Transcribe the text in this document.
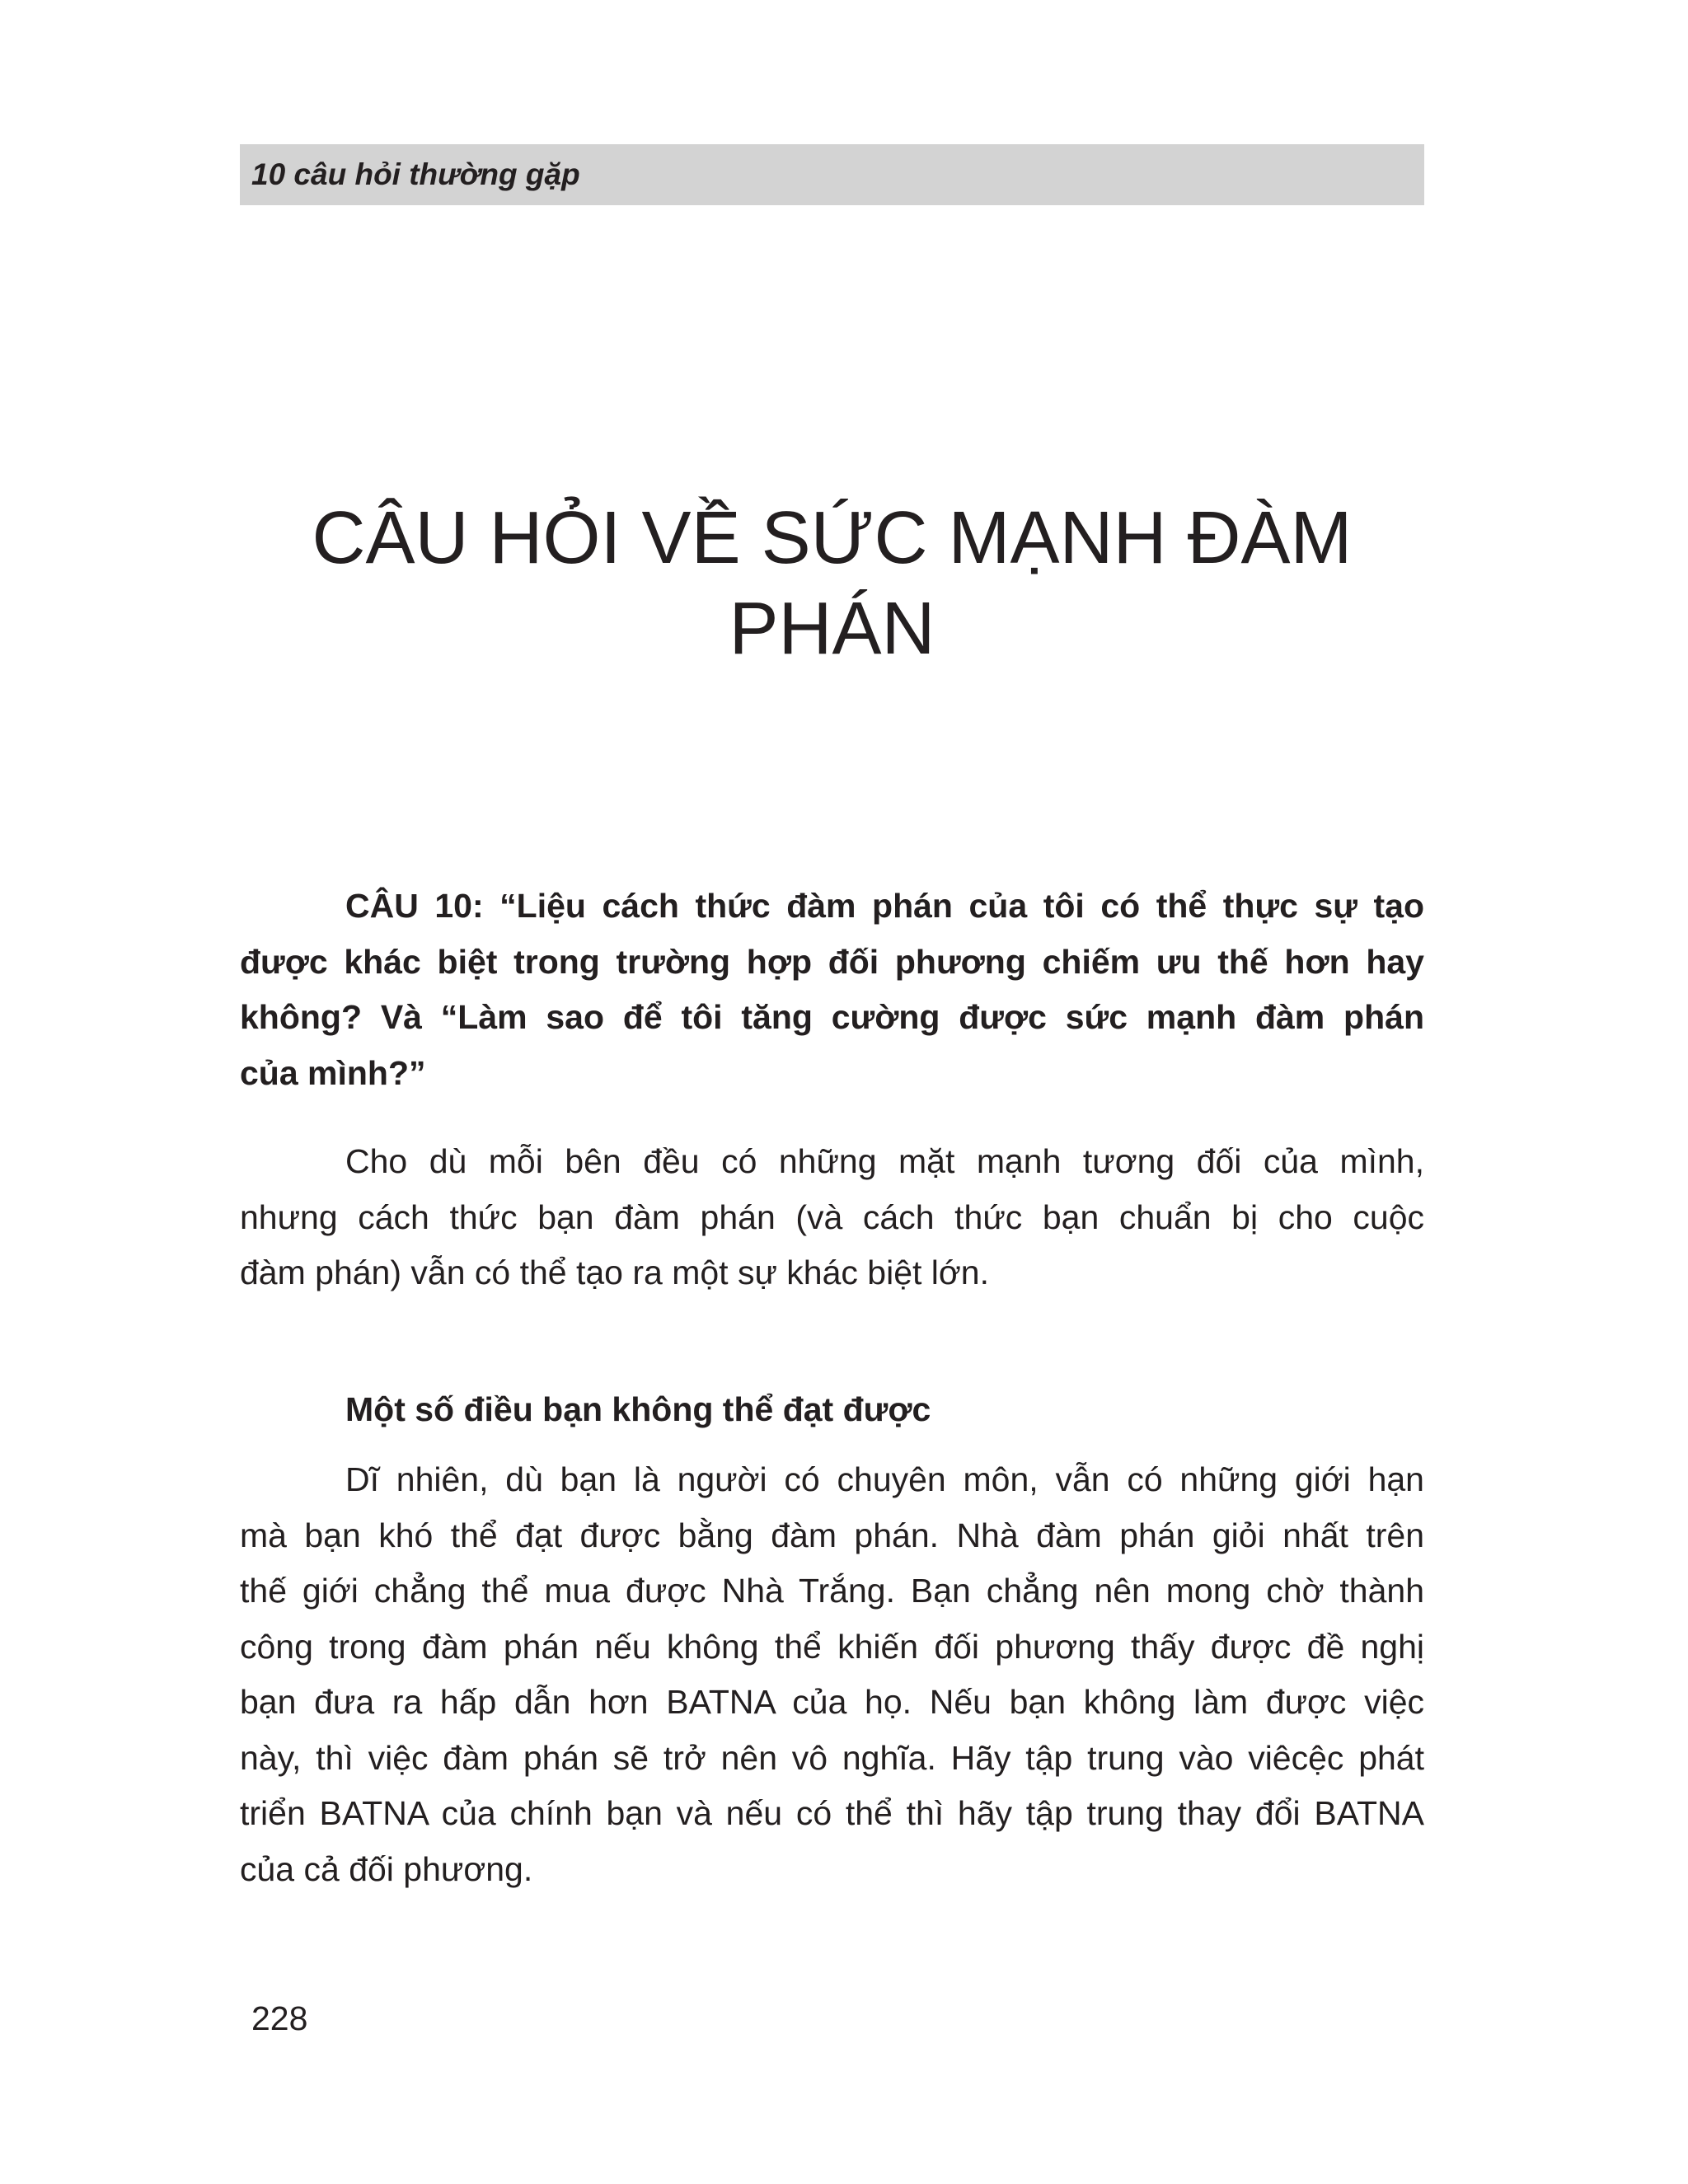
10 câu hỏi thường gặp
CÂU HỎI VỀ SỨC MẠNH ĐÀM
PHÁN
CÂU 10: “Liệu cách thức đàm phán của tôi có thể thực sự tạo
được khác biệt trong trường hợp đối phương chiếm ưu thế hơn hay
không? Và “Làm sao để tôi tăng cường được sức mạnh đàm phán
của mình?”
Cho dù mỗi bên đều có những mặt mạnh tương đối của mình,
nhưng cách thức bạn đàm phán (và cách thức bạn chuẩn bị cho cuộc
đàm phán) vẫn có thể tạo ra một sự khác biệt lớn.
Một số điều bạn không thể đạt được
Dĩ nhiên, dù bạn là người có chuyên môn, vẫn có những giới hạn
mà bạn khó thể đạt được bằng đàm phán. Nhà đàm phán giỏi nhất trên
thế giới chẳng thể mua được Nhà Trắng. Bạn chẳng nên mong chờ thành
công trong đàm phán nếu không thể khiến đối phương thấy được đề nghị
bạn đưa ra hấp dẫn hơn BATNA của họ. Nếu bạn không làm được việc
này, thì việc đàm phán sẽ trở nên vô nghĩa. Hãy tập trung vào viêcệc phát
triển BATNA của chính bạn và nếu có thể thì hãy tập trung thay đổi BATNA
của cả đối phương.
228
